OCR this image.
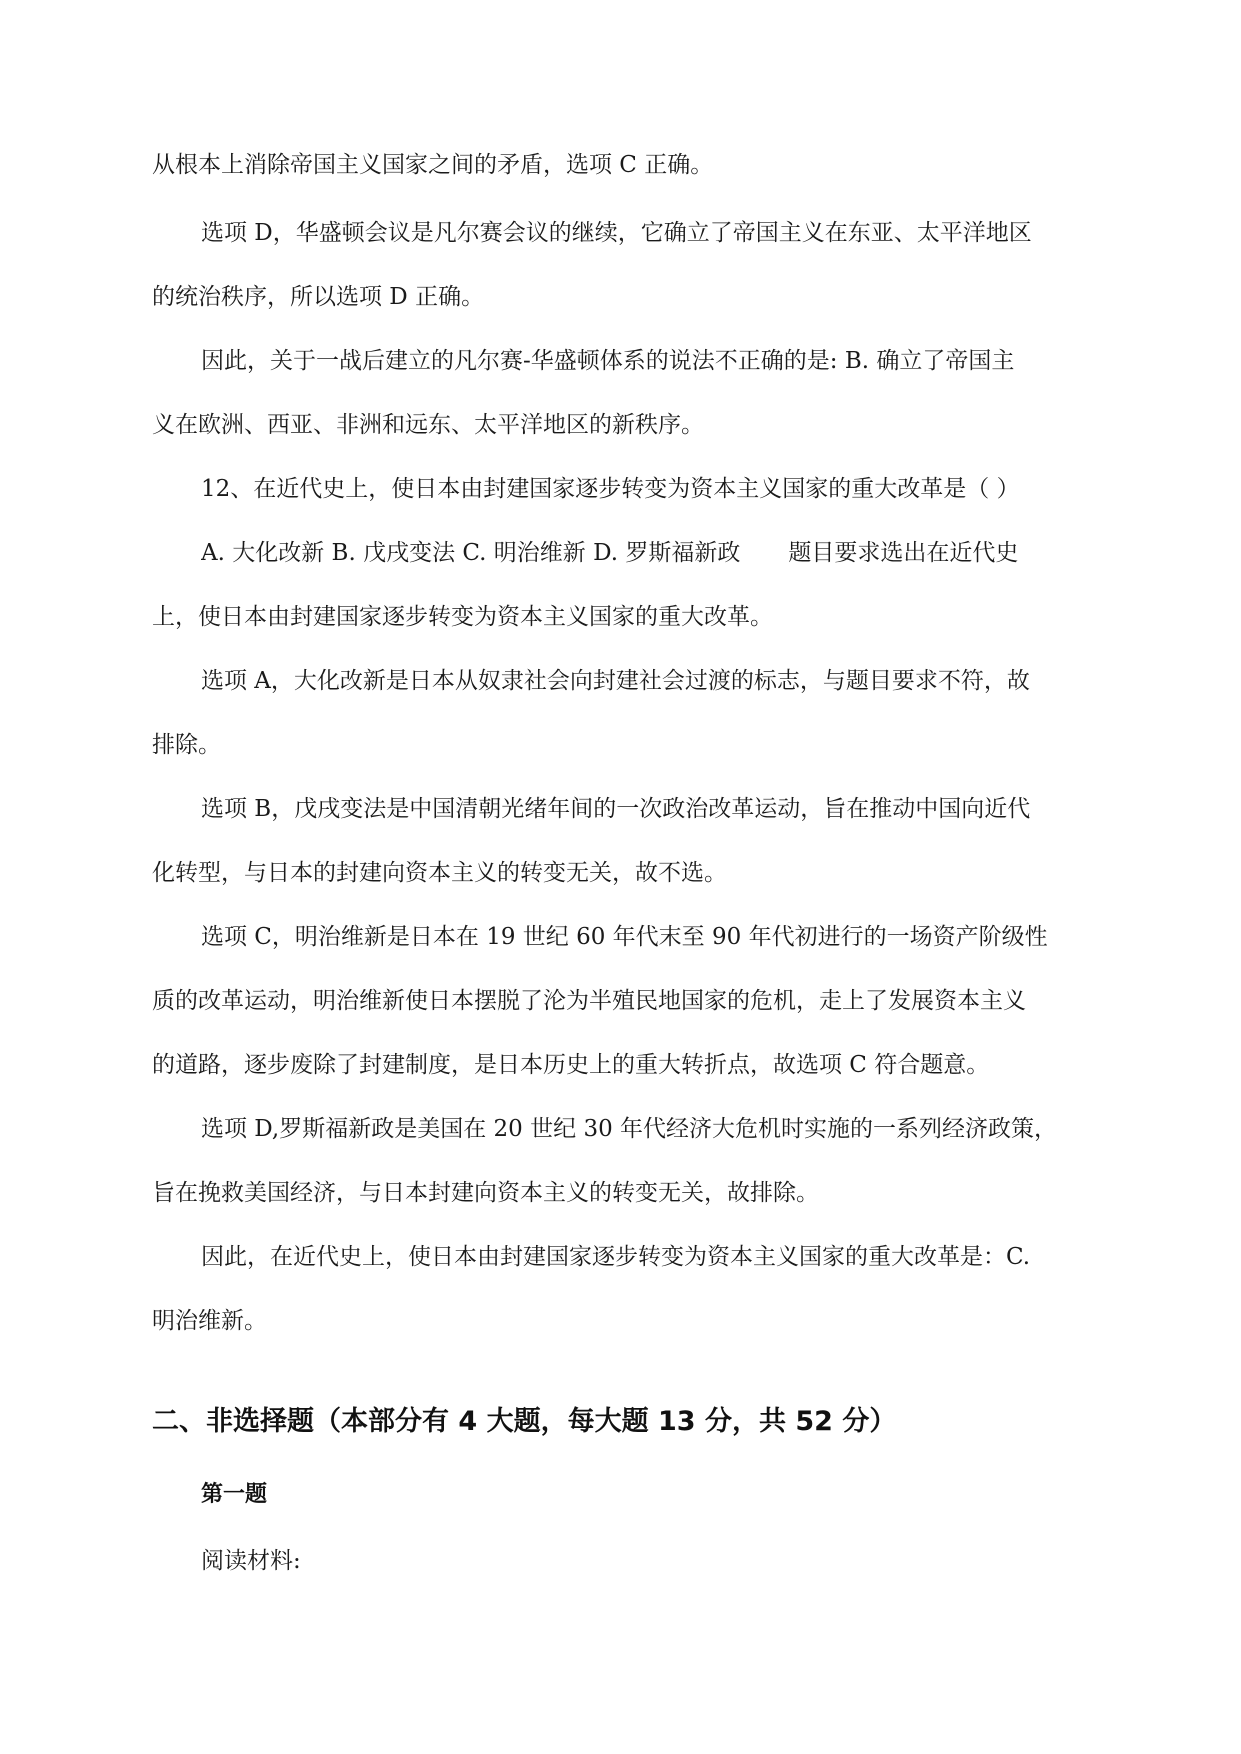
从根本上消除帝国主义国家之间的矛盾，选项 C 正确。
选项 D，华盛顿会议是凡尔赛会议的继续，它确立了帝国主义在东亚、太平洋地区
的统治秩序，所以选项 D 正确。
因此，关于一战后建立的凡尔赛-华盛顿体系的说法不正确的是: B. 确立了帝国主
义在欧洲、西亚、非洲和远东、太平洋地区的新秩序。
12、在近代史上，使日本由封建国家逐步转变为资本主义国家的重大改革是（ ）
A. 大化改新 B. 戊戌变法 C. 明治维新 D. 罗斯福新政 题目要求选出在近代史
上，使日本由封建国家逐步转变为资本主义国家的重大改革。
选项 A，大化改新是日本从奴隶社会向封建社会过渡的标志，与题目要求不符，故
排除。
选项 B，戊戌变法是中国清朝光绪年间的一次政治改革运动，旨在推动中国向近代
化转型，与日本的封建向资本主义的转变无关，故不选。
选项 C，明治维新是日本在 19 世纪 60 年代末至 90 年代初进行的一场资产阶级性
质的改革运动，明治维新使日本摆脱了沦为半殖民地国家的危机，走上了发展资本主义
的道路，逐步废除了封建制度，是日本历史上的重大转折点，故选项 C 符合题意。
选项 D,罗斯福新政是美国在 20 世纪 30 年代经济大危机时实施的一系列经济政策，
旨在挽救美国经济，与日本封建向资本主义的转变无关，故排除。
因此，在近代史上，使日本由封建国家逐步转变为资本主义国家的重大改革是：C.
明治维新。
二、非选择题（本部分有 4 大题，每大题 13 分，共 52 分）
第一题
阅读材料:
